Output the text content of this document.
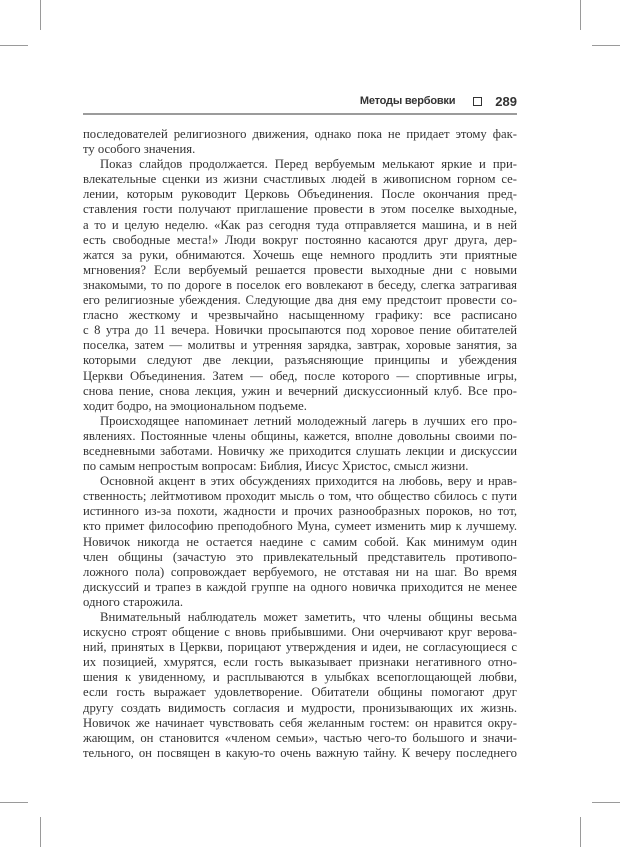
Методы вербовки	289
последователей религиозного движения, однако пока не придает этому фак-
ту особого значения.
Показ слайдов продолжается. Перед вербуемым мелькают яркие и при-
влекательные сценки из жизни счастливых людей в живописном горном се-
лении, которым руководит Церковь Объединения. После окончания пред-
ставления гости получают приглашение провести в этом поселке выходные,
а то и целую неделю. «Как раз сегодня туда отправляется машина, и в ней
есть свободные места!» Люди вокруг постоянно касаются друг друга, дер-
жатся за руки, обнимаются. Хочешь еще немного продлить эти приятные
мгновения? Если вербуемый решается провести выходные дни с новыми
знакомыми, то по дороге в поселок его вовлекают в беседу, слегка затрагивая
его религиозные убеждения. Следующие два дня ему предстоит провести со-
гласно жесткому и чрезвычайно насыщенному графику: все расписано
с 8 утра до 11 вечера. Новички просыпаются под хоровое пение обитателей
поселка, затем — молитвы и утренняя зарядка, завтрак, хоровые занятия, за
которыми следуют две лекции, разъясняющие принципы и убеждения
Церкви Объединения. Затем — обед, после которого — спортивные игры,
снова пение, снова лекция, ужин и вечерний дискуссионный клуб. Все про-
ходит бодро, на эмоциональном подъеме.
Происходящее напоминает летний молодежный лагерь в лучших его про-
явлениях. Постоянные члены общины, кажется, вполне довольны своими по-
вседневными заботами. Новичку же приходится слушать лекции и дискуссии
по самым непростым вопросам: Библия, Иисус Христос, смысл жизни.
Основной акцент в этих обсуждениях приходится на любовь, веру и нрав-
ственность; лейтмотивом проходит мысль о том, что общество сбилось с пути
истинного из-за похоти, жадности и прочих разнообразных пороков, но тот,
кто примет философию преподобного Муна, сумеет изменить мир к лучшему.
Новичок никогда не остается наедине с самим собой. Как минимум один
член общины (зачастую это привлекательный представитель противопо-
ложного пола) сопровождает вербуемого, не отставая ни на шаг. Во время
дискуссий и трапез в каждой группе на одного новичка приходится не менее
одного старожила.
Внимательный наблюдатель может заметить, что члены общины весьма
искусно строят общение с вновь прибывшими. Они очерчивают круг верова-
ний, принятых в Церкви, порицают утверждения и идеи, не согласующиеся с
их позицией, хмурятся, если гость выказывает признаки негативного отно-
шения к увиденному, и расплываются в улыбках всепоглощающей любви,
если гость выражает удовлетворение. Обитатели общины помогают друг
другу создать видимость согласия и мудрости, пронизывающих их жизнь.
Новичок же начинает чувствовать себя желанным гостем: он нравится окру-
жающим, он становится «членом семьи», частью чего-то большого и значи-
тельного, он посвящен в какую-то очень важную тайну. К вечеру последнего
